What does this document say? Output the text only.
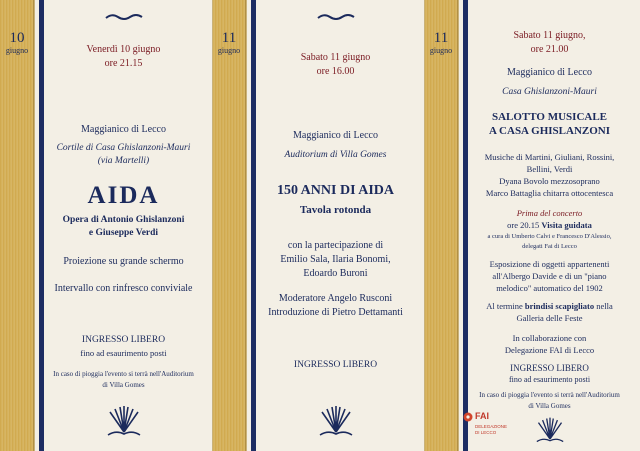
10
giugno
11
giugno
11
giugno
Venerdì 10 giugno
ore 21.15
Maggianico di Lecco
Cortile di Casa Ghislanzoni-Mauri
(via Martelli)
AIDA
Opera di Antonio Ghislanzoni
e Giuseppe Verdi
Proiezione su grande schermo
Intervallo con rinfresco conviviale
INGRESSO LIBERO
fino ad esaurimento posti
In caso di pioggia l'evento si terrà nell'Auditorium
di Villa Gomes
Sabato 11 giugno
ore 16.00
Maggianico di Lecco
Auditorium di Villa Gomes
150 ANNI DI AIDA
Tavola rotonda
con la partecipazione di
Emilio Sala, Ilaria Bonomi,
Edoardo Buroni
Moderatore Angelo Rusconi
Introduzione di Pietro Dettamanti
INGRESSO LIBERO
Sabato 11 giugno,
ore 21.00
Maggianico di Lecco
Casa Ghislanzoni-Mauri
SALOTTO MUSICALE
A CASA GHISLANZONI
Musiche di Martini, Giuliani, Rossini,
Bellini, Verdi
Dyana Bovolo mezzosoprano
Marco Battaglia chitarra ottocentesca
Prima del concerto
ore 20.15 Visita guidata
a cura di Umberto Calvi e Francesco D'Alessio,
delegati Fai di Lecco
Esposizione di oggetti appartenenti
all'Albergo Davide e di un "piano
melodico" automatico del 1902
Al termine brindisi scapigliato nella
Galleria delle Feste
In collaborazione con
Delegazione FAI di Lecco
INGRESSO LIBERO
fino ad esaurimento posti
In caso di pioggia l'evento si terrà nell'Auditorium
di Villa Gomes
FAI
DELEGAZIONE
DI LECCO
